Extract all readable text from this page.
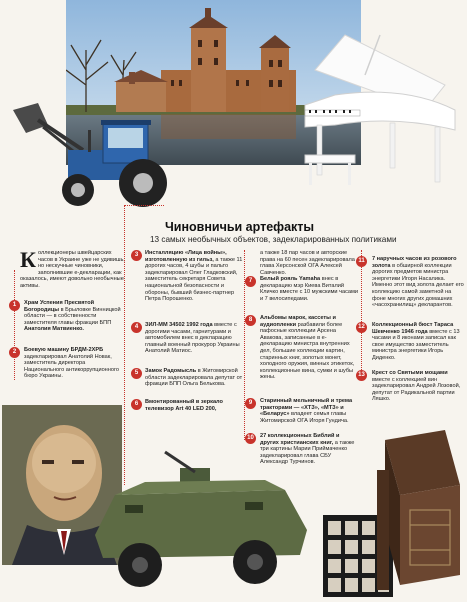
Чиновничьи артефакты
13 самых необычных объектов, задекларированных политиками
К оллекционеры швейцарских часов в Украине уже не удивишь, но нескучные чиновники, заполнившие е-декларации, как оказалось, имеют довольно необычные активы.
1	Храм Успения Пресвятой Богородицы в Брыловке Винницкой области — в собственности заместителя главы фракции БПП Анатолия Матвиенко.
2	Боевую машину БРДМ-2ХРБ задекларировал Анатолий Новак, заместитель директора Национального антикоррупционного бюро Украины.
3	Инсталляцию «Лица войны», изготовленную из гильз, а также 11 дорогих часов, 4 шубы и пальто задекларировал Олег Гладковский, заместитель секретаря Совета национальной безопасности и обороны, бывший бизнес-партнер Петра Порошенко.
4	ЗИЛ-ММ 34502 1992 года вместе с дорогими часами, гарнитурами и автомобилем внес в декларацию главный военный прокурор Украины Анатолий Матиос.
5	Замок Радомысль в Житомирской области задекларировала депутат от фракции БПП Ольга Белькова.
6	Вмонтированный в зеркало телевизор Art 40 LED 200,
а также 18 пар часов и авторские права на 60 песен задекларировала глава Херсонской ОГА Алексей Савченко.
7	Белый рояль Yamaha внес в декларацию мэр Киева Виталий Кличко вместе с 10 мужскими часами и 7 велосипедами.
8	Альбомы марок, кассеты и аудиопленки разбавили более пафосные коллекции Арсена Авакова, записанные в е-декларацию министра внутренних дел, большие коллекции картин, старинных книг, золотых монет, холодного оружия, винных этикеток, коллекционные вина, сумки и шубы жены.
9	Старинный мельничный и трема тракторами — «ХТЗ», «МТЗ» и «Беларус» владеет семья главы Житомирской ОГА Игоря Гундича.
10	27 коллекционных Библий и других христианских книг, а также три картины Марии Приймаченко задекларировал глава СБУ Александр Турчинов.
11	7 наручных часов из розового золота в обширной коллекции дорогих предметов министра энергетики Игоря Насалика. Именно этот вид золота делает его коллекцию самой заметной на фоне многих других домашних «часохранилищ» декларантов.
12	Коллекционный бюст Тараса Шевченко 1946 года вместе с 13 часами и 8 иконами записал как свое имущество заместитель министра энергетики Игорь Диденко.
13	Крест со Святыми мощами вместе с коллекцией вин задекларировал Андрей Лозовой, депутат от Радикальной партии Ляшко.
